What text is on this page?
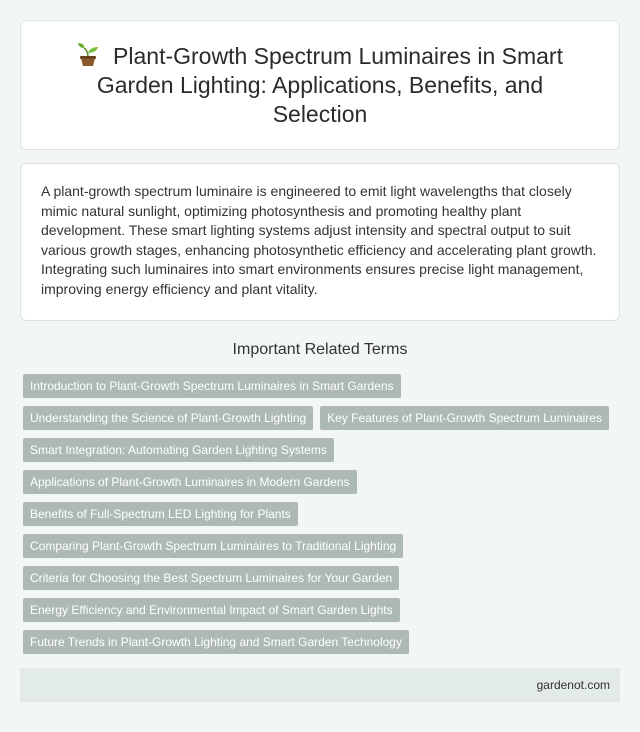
Plant-Growth Spectrum Luminaires in Smart Garden Lighting: Applications, Benefits, and Selection

A plant-growth spectrum luminaire is engineered to emit light wavelengths that closely mimic natural sunlight, optimizing photosynthesis and promoting healthy plant development. These smart lighting systems adjust intensity and spectral output to suit various growth stages, enhancing photosynthetic efficiency and accelerating plant growth. Integrating such luminaires into smart environments ensures precise light management, improving energy efficiency and plant vitality.

Important Related Terms
Introduction to Plant-Growth Spectrum Luminaires in Smart Gardens
Understanding the Science of Plant-Growth Lighting	Key Features of Plant-Growth Spectrum Luminaires
Smart Integration: Automating Garden Lighting Systems
Applications of Plant-Growth Luminaires in Modern Gardens
Benefits of Full-Spectrum LED Lighting for Plants
Comparing Plant-Growth Spectrum Luminaires to Traditional Lighting
Criteria for Choosing the Best Spectrum Luminaires for Your Garden
Energy Efficiency and Environmental Impact of Smart Garden Lights
Future Trends in Plant-Growth Lighting and Smart Garden Technology
gardenot.com
